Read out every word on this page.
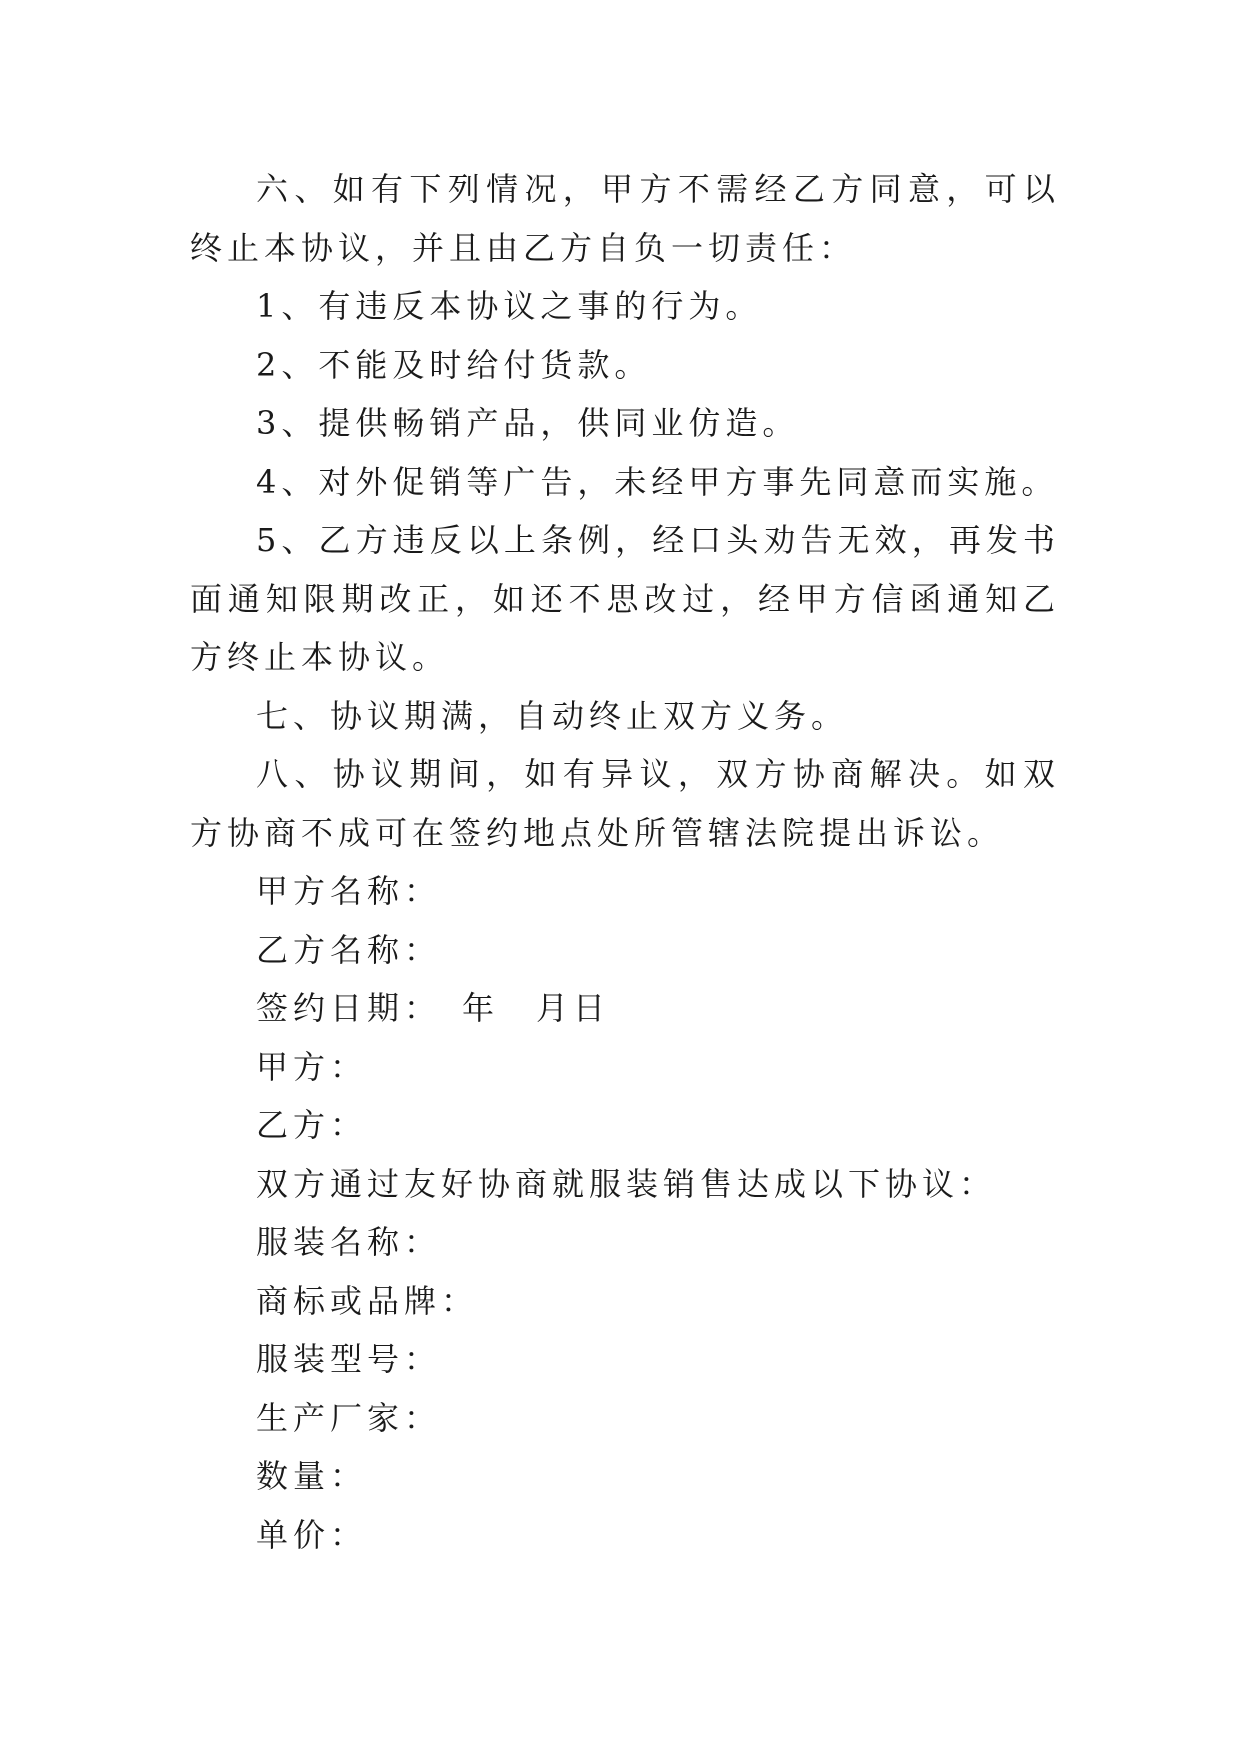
六、如有下列情况，甲方不需经乙方同意，可以终止本协议，并且由乙方自负一切责任：

1、有违反本协议之事的行为。

2、不能及时给付货款。

3、提供畅销产品，供同业仿造。

4、对外促销等广告，未经甲方事先同意而实施。

5、乙方违反以上条例，经口头劝告无效，再发书面通知限期改正，如还不思改过，经甲方信函通知乙方终止本协议。

七、协议期满，自动终止双方义务。

八、协议期间，如有异议，双方协商解决。如双方协商不成可在签约地点处所管辖法院提出诉讼。

甲方名称：

乙方名称：

签约日期：　年　月日

甲方：

乙方：

双方通过友好协商就服装销售达成以下协议：

服装名称：

商标或品牌：

服装型号：

生产厂家：

数量：

单价：
